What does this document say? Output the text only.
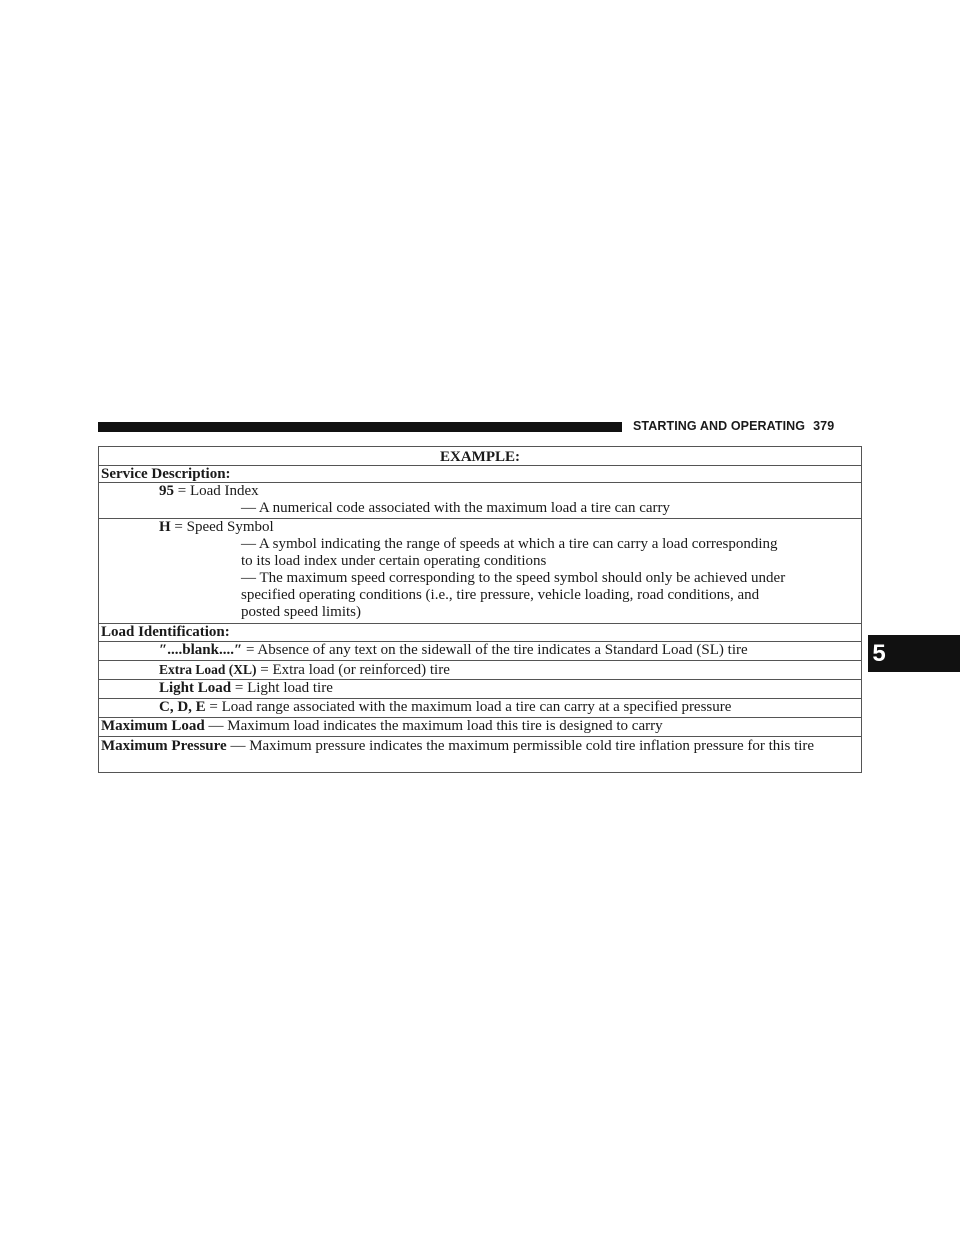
STARTING AND OPERATING 379
5
EXAMPLE:
Service Description:
95 = Load Index
— A numerical code associated with the maximum load a tire can carry
H = Speed Symbol
— A symbol indicating the range of speeds at which a tire can carry a load corresponding
to its load index under certain operating conditions
— The maximum speed corresponding to the speed symbol should only be achieved under
specified operating conditions (i.e., tire pressure, vehicle loading, road conditions, and
posted speed limits)
Load Identification:
″....blank....″ = Absence of any text on the sidewall of the tire indicates a Standard Load (SL) tire
Extra Load (XL) = Extra load (or reinforced) tire
Light Load = Light load tire
C, D, E = Load range associated with the maximum load a tire can carry at a specified pressure
Maximum Load — Maximum load indicates the maximum load this tire is designed to carry
Maximum Pressure — Maximum pressure indicates the maximum permissible cold tire inflation pressure for this tire
